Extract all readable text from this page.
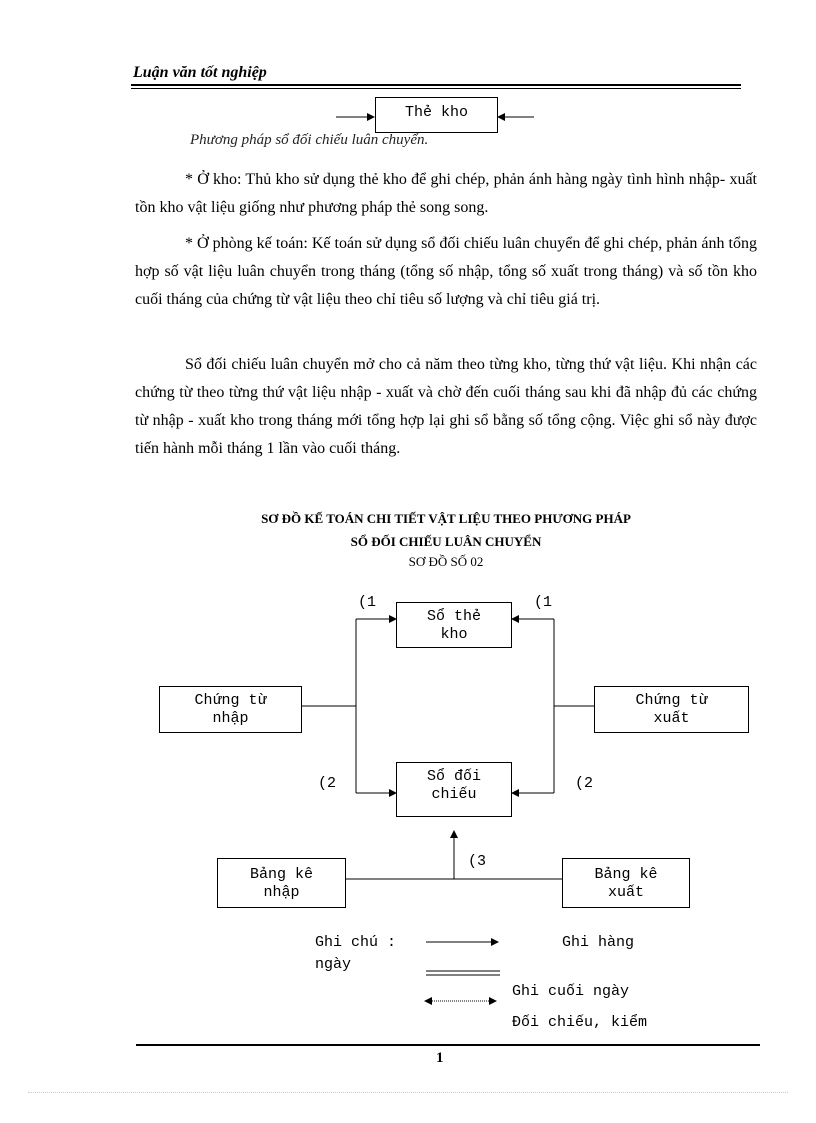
Luận văn tốt nghiệp
Thẻ kho
Phương pháp sổ đối chiếu luân chuyển.

* Ở kho: Thủ kho sử dụng thẻ kho để ghi chép, phản ánh hàng ngày tình hình nhập- xuất tồn kho vật liệu giống như phương pháp thẻ song song.

* Ở phòng kế toán: Kế toán sử dụng sổ đối chiếu luân chuyển để ghi chép, phản ánh tổng hợp số vật liệu luân chuyển trong tháng (tổng số nhập, tổng số xuất trong tháng) và số tồn kho cuối tháng của chứng từ vật liệu theo chỉ tiêu số lượng và chỉ tiêu giá trị.

Sổ đối chiếu luân chuyển mở cho cả năm theo từng kho, từng thứ vật liệu. Khi nhận các chứng từ theo từng thứ vật liệu nhập - xuất và chờ đến cuối tháng sau khi đã nhập đủ các chứng từ nhập - xuất kho trong tháng mới tổng hợp lại ghi sổ bằng số tổng cộng. Việc ghi sổ này được tiến hành mỗi tháng 1 lần vào cuối tháng.

SƠ ĐỒ KẾ TOÁN CHI TIẾT VẬT LIỆU THEO PHƯƠNG PHÁP
SỔ ĐỐI CHIẾU LUÂN CHUYỂN
SƠ ĐỒ SỐ 02
Sổ thẻ
kho
Chứng từ
nhập
Chứng từ
xuất
Sổ đối
chiếu
Bảng kê
nhập
Bảng kê
xuất
(1	(1
(2	(2
(3
Ghi chú :
ngày
Ghi hàng
Ghi cuối ngày
Đối chiếu, kiểm
1
